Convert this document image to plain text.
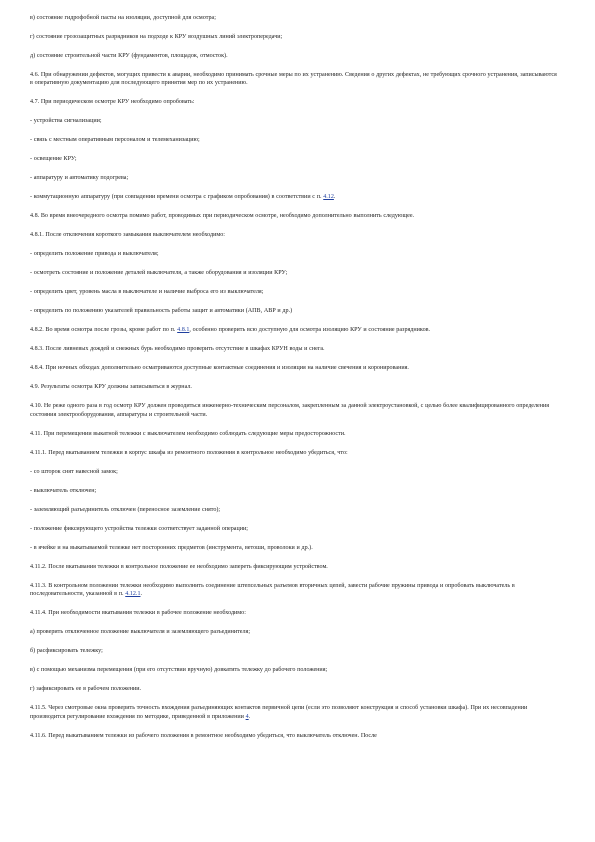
в) состояние гидрофобной пасты на изоляции, доступной для осмотра;

г) состояние грозозащитных разрядников на подходе к КРУ воздушных линий электропередачи;

д) состояние строительной части КРУ (фундаментов, площадок, отмосток).

4.6. При обнаружении дефектов, могущих привести к аварии, необходимо принимать срочные меры по их устранению. Сведения о других дефектах, не требующих срочного устранения, записываются в оперативную документацию для последующего принятия мер по их устранению.

4.7. При периодическом осмотре КРУ необходимо опробовать:

- устройства сигнализации;

- связь с местным оперативным персоналом и телемеханизацию;

- освещение КРУ;

- аппаратуру и автоматику подогрева;

- коммутационную аппаратуру (при совпадении времени осмотра с графиком опробования) в соответствии с п. 4.12.

4.8. Во время внеочередного осмотра помимо работ, проводимых при периодическом осмотре, необходимо дополнительно выполнить следующее.

4.8.1. После отключения короткого замыкания выключателем необходимо:

- определить положение привода и выключателя;

- осмотреть состояние и положение деталей выключателя, а также оборудования и изоляции КРУ;

- определить цвет, уровень масла в выключателе и наличие выброса его из выключателя;

- определить по положению указателей правильность работы защит и автоматики (АПВ, АВР и др.)

4.8.2. Во время осмотра после грозы, кроме работ по п. 4.8.1, особенно проверить всю доступную для осмотра изоляцию КРУ и состояние разрядников.

4.8.3. После ливневых дождей и снежных бурь необходимо проверить отсутствие в шкафах КРУН воды и снега.

4.8.4. При ночных обходах дополнительно осматриваются доступные контактные соединения и изоляция на наличие свечения и коронирования.

4.9. Результаты осмотра КРУ должны записываться в журнал.

4.10. Не реже одного раза в год осмотр КРУ должен проводиться инженерно-техническим персоналом, закрепленным за данной электроустановкой, с целью более квалифицированного определения состояния электрооборудования, аппаратуры и строительной части.

4.11. При перемещении выкатной тележки с выключателем необходимо соблюдать следующие меры предосторожности.

4.11.1. Перед вкатыванием тележки в корпус шкафа из ремонтного положения в контрольное необходимо убедиться, что:

- со шторок снят навесной замок;

- выключатель отключен;

- заземляющий разъединитель отключен (переносное заземление снято);

- положение фиксирующего устройства тележки соответствует заданной операции;

- в ячейке и на выкатываемой тележке нет посторонних предметов (инструмента, ветоши, проволоки и др.).

4.11.2. После вкатывания тележки в контрольное положение ее необходимо запереть фиксирующим устройством.

4.11.3. В контрольном положении тележки необходимо выполнить соединение штепсельных разъемов вторичных цепей, завести рабочие пружины привода и опробовать выключатель в последовательности, указанной в п. 4.12.1.

4.11.4. При необходимости вкатывания тележки в рабочее положение необходимо:

а) проверить отключенное положение выключателя и заземляющего разъединителя;

б) расфиксировать тележку;

в) с помощью механизма перемещения (при его отсутствии вручную) довкатить тележку до рабочего положения;

г) зафиксировать ее в рабочем положении.

4.11.5. Через смотровые окна проверить точность вхождения разъединяющих контактов первичной цепи (если это позволяют конструкция и способ установки шкафа). При их несовпадении производится регулирование вхождения по методике, приведенной в приложении 4.

4.11.6. Перед выкатыванием тележки из рабочего положения в ремонтное необходимо убедиться, что выключатель отключен. После
